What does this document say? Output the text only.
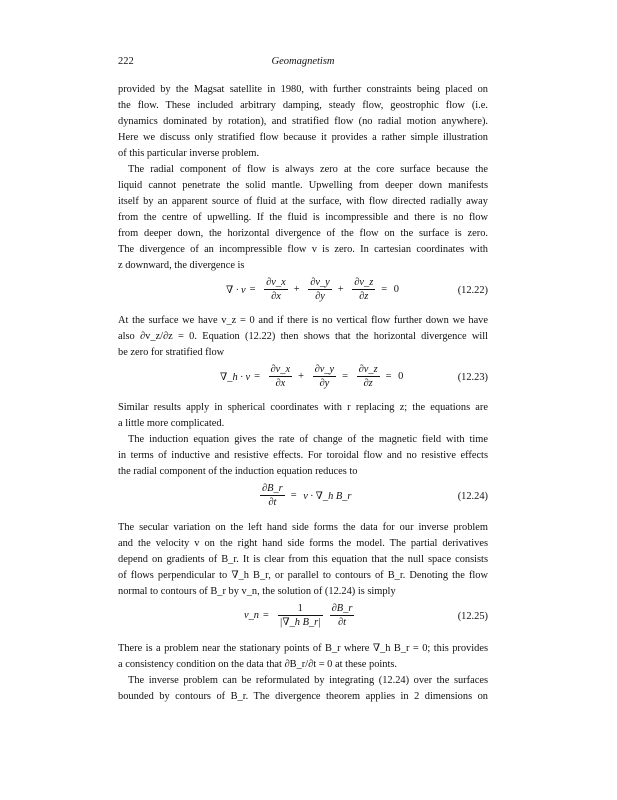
222	Geomagnetism
provided by the Magsat satellite in 1980, with further constraints being placed on
the flow. These included arbitrary damping, steady flow, geostrophic flow (i.e.
dynamics dominated by rotation), and stratified flow (no radial motion anywhere).
Here we discuss only stratified flow because it provides a rather simple illustration
of this particular inverse problem.
The radial component of flow is always zero at the core surface because the
liquid cannot penetrate the solid mantle. Upwelling from deeper down manifests
itself by an apparent source of fluid at the surface, with flow directed radially away
from the centre of upwelling. If the fluid is incompressible and there is no flow
from deeper down, the horizontal divergence of the flow on the surface is zero.
The divergence of an incompressible flow v is zero. In cartesian coordinates with
z downward, the divergence is
∇ · $v = \frac{\partial v\_x}{\partial x} + \frac{\partial v\_y}{\partial y} + \frac{\partial v\_z}{\partial z} = 0$	(12.22)
At the surface we have v_z = 0 and if there is no vertical flow further down we have
also ∂v_z/∂z = 0. Equation (12.22) then shows that the horizontal divergence will
be zero for stratified flow
∇_h · $v = \frac{\partial v\_x}{\partial x} + \frac{\partial v\_y}{\partial y} = \frac{\partial v\_z}{\partial z} = 0$	(12.23)
Similar results apply in spherical coordinates with r replacing z; the equations are
a little more complicated.
The induction equation gives the rate of change of the magnetic field with time
in terms of inductive and resistive effects. For toroidal flow and no resistive effects
the radial component of the induction equation reduces to
$\frac{\partial B\_r}{\partial t} = v$ · ∇_h B_r	(12.24)
The secular variation on the left hand side forms the data for our inverse problem
and the velocity v on the right hand side forms the model. The partial derivatives
depend on gradients of B_r. It is clear from this equation that the null space consists
of flows perpendicular to ∇_h B_r, or parallel to contours of B_r. Denoting the flow
normal to contours of B_r by v_n, the solution of (12.24) is simply
v_n = $\frac{1}{\text{|∇\_h B\_r|}}$
$\frac{\partial B\_r}{\partial t}$	(12.25)
There is a problem near the stationary points of B_r where ∇_h B_r = 0; this provides
a consistency condition on the data that ∂B_r/∂t = 0 at these points.
The inverse problem can be reformulated by integrating (12.24) over the surfaces
bounded by contours of B_r. The divergence theorem applies in 2 dimensions on
